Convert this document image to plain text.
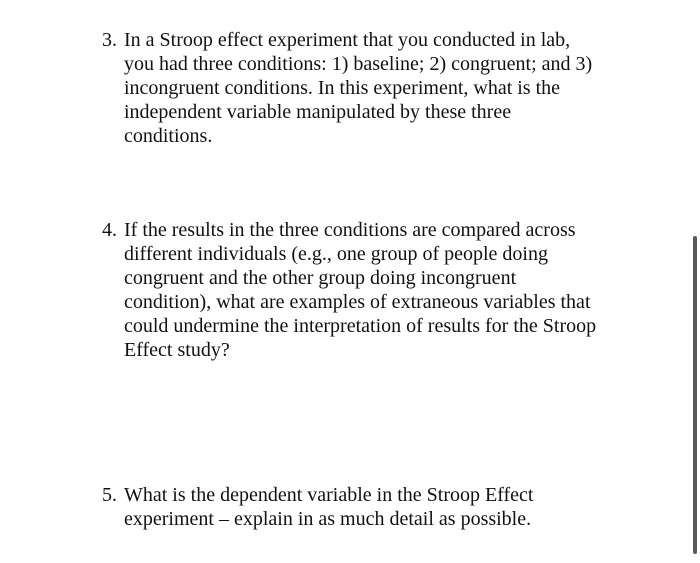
3. In a Stroop effect experiment that you conducted in lab,
you had three conditions: 1) baseline; 2) congruent; and 3)
incongruent conditions. In this experiment, what is the
independent variable manipulated by these three
conditions.
4. If the results in the three conditions are compared across
different individuals (e.g., one group of people doing
congruent and the other group doing incongruent
condition), what are examples of extraneous variables that
could undermine the interpretation of results for the Stroop
Effect study?
5. What is the dependent variable in the Stroop Effect
experiment – explain in as much detail as possible.
